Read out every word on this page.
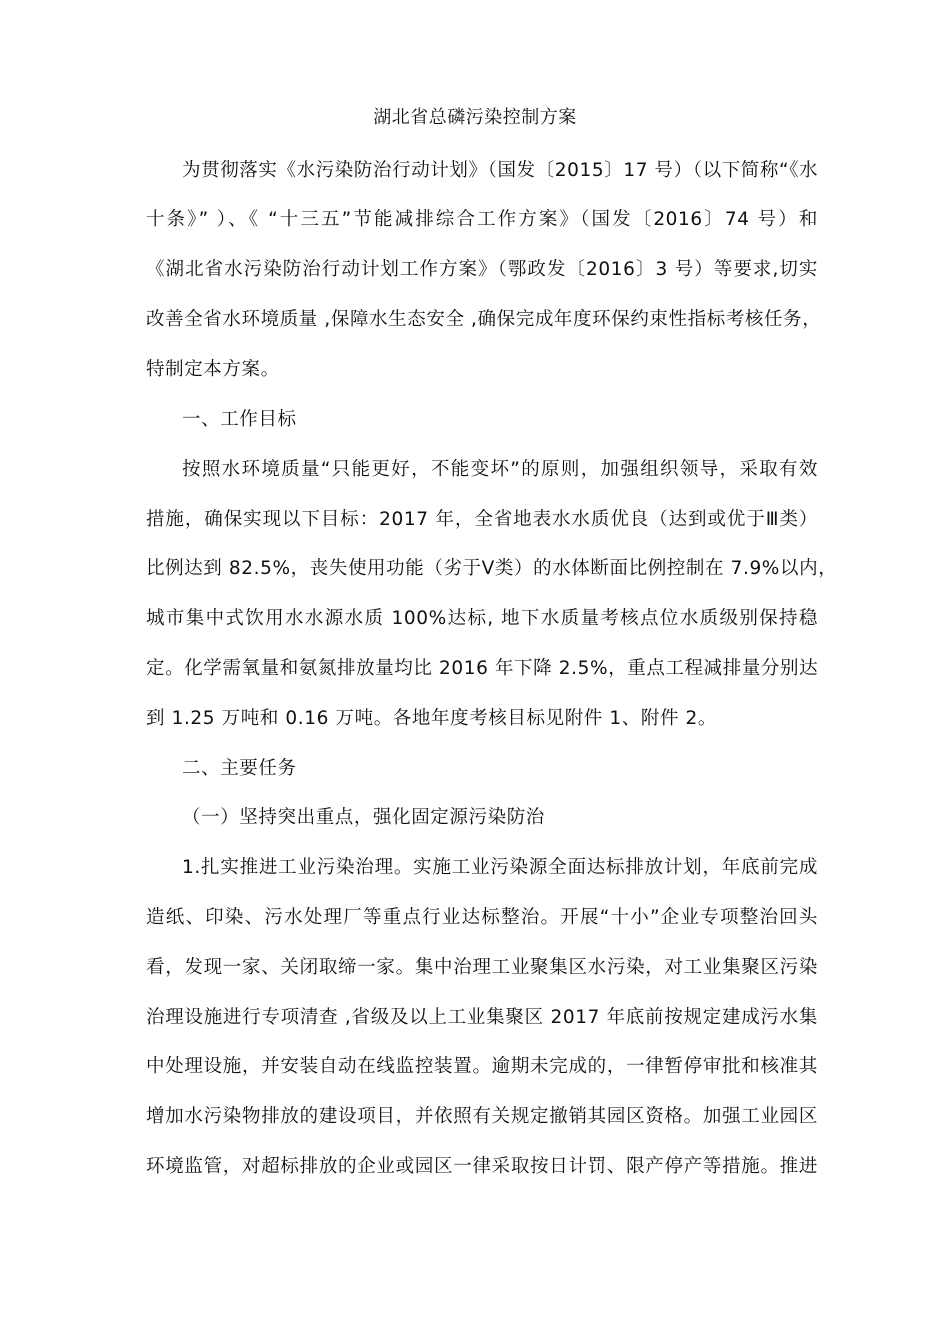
湖北省总磷污染控制方案
为贯彻落实《水污染防治行动计划》（国发〔2015〕17 号）（以下简称“《水
十条》” ）、《 “十三五”节能减排综合工作方案》（国发〔2016〕74 号）和
《湖北省水污染防治行动计划工作方案》（鄂政发〔2016〕3 号）等要求,切实
改善全省水环境质量 ,保障水生态安全 ,确保完成年度环保约束性指标考核任务，
特制定本方案。
一、工作目标
按照水环境质量“只能更好，不能变坏”的原则，加强组织领导，采取有效
措施，确保实现以下目标：2017 年，全省地表水水质优良（达到或优于Ⅲ类）
比例达到 82.5%，丧失使用功能（劣于Ⅴ类）的水体断面比例控制在 7.9%以内，
城市集中式饮用水水源水质 100%达标, 地下水质量考核点位水质级别保持稳
定。化学需氧量和氨氮排放量均比 2016 年下降 2.5%，重点工程减排量分别达
到 1.25 万吨和 0.16 万吨。各地年度考核目标见附件 1、附件 2。
二、主要任务
（一）坚持突出重点，强化固定源污染防治
1.扎实推进工业污染治理。实施工业污染源全面达标排放计划，年底前完成
造纸、印染、污水处理厂等重点行业达标整治。开展“十小”企业专项整治回头
看，发现一家、关闭取缔一家。集中治理工业聚集区水污染，对工业集聚区污染
治理设施进行专项清查 ,省级及以上工业集聚区 2017 年底前按规定建成污水集
中处理设施，并安装自动在线监控装置。逾期未完成的，一律暂停审批和核准其
增加水污染物排放的建设项目，并依照有关规定撤销其园区资格。加强工业园区
环境监管，对超标排放的企业或园区一律采取按日计罚、限产停产等措施。推进
